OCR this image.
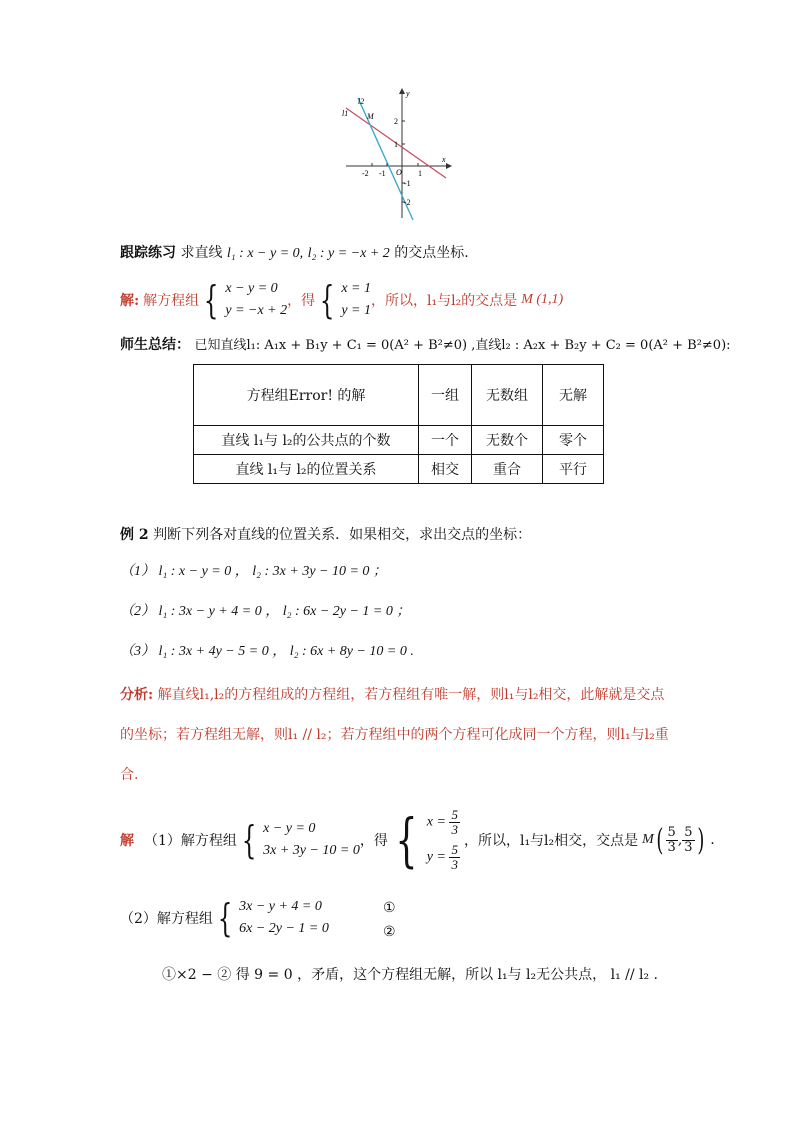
-2 -1	1
2
1
-1
-2
O
x
y
l1
l2
M
跟踪练习 求直线 l₁ : x − y = 0, l₂ : y = −x + 2 的交点坐标.
解: 解方程组 { x − y = 0
y = −x + 2
，得 { x = 1
y = 1
，所以， l₁与l₂的交点是 M (1,1)
师生总结： 已知直线l₁: A₁x + B₁y + C₁ = 0(A² + B²≠0) ,直线l₂ : A₂x + B₂y + C₂ = 0(A² + B²≠0):
方程组Error! 的解	一组	无数组	无解
直线 l₁与 l₂的公共点的个数	一个	无数个	零个
直线 l₁与 l₂的位置关系	相交	重合	平行
例 2 判断下列各对直线的位置关系．如果相交，求出交点的坐标：
（1） l₁ : x − y = 0 ， l₂ : 3x + 3y − 10 = 0 ；
（2） l₁ : 3x − y + 4 = 0 ， l₂ : 6x − 2y − 1 = 0 ；
（3） l₁ : 3x + 4y − 5 = 0 ， l₂ : 6x + 8y − 10 = 0 .
分析: 解直线l₁,l₂的方程组成的方程组，若方程组有唯一解，则l₁与l₂相交，此解就是交点
的坐标；若方程组无解，则l₁ // l₂；若方程组中的两个方程可化成同一个方程，则l₁与l₂重
合.
解 （1）解方程组 { x − y = 0
3x + 3y − 10 = 0
，得 { $x = \frac{5}{3}$
$y = \frac{5}{3}$
，所以，l₁与l₂相交，交点是 M ( $\frac{5}{3}$ , $\frac{5}{3}$ ) .
（2）解方程组 { 3x − y + 4 = 0
6x − 2y − 1 = 0
①
②
①×2 − ② 得 9 = 0 ，矛盾，这个方程组无解，所以 l₁与 l₂无公共点， l₁ // l₂ .
